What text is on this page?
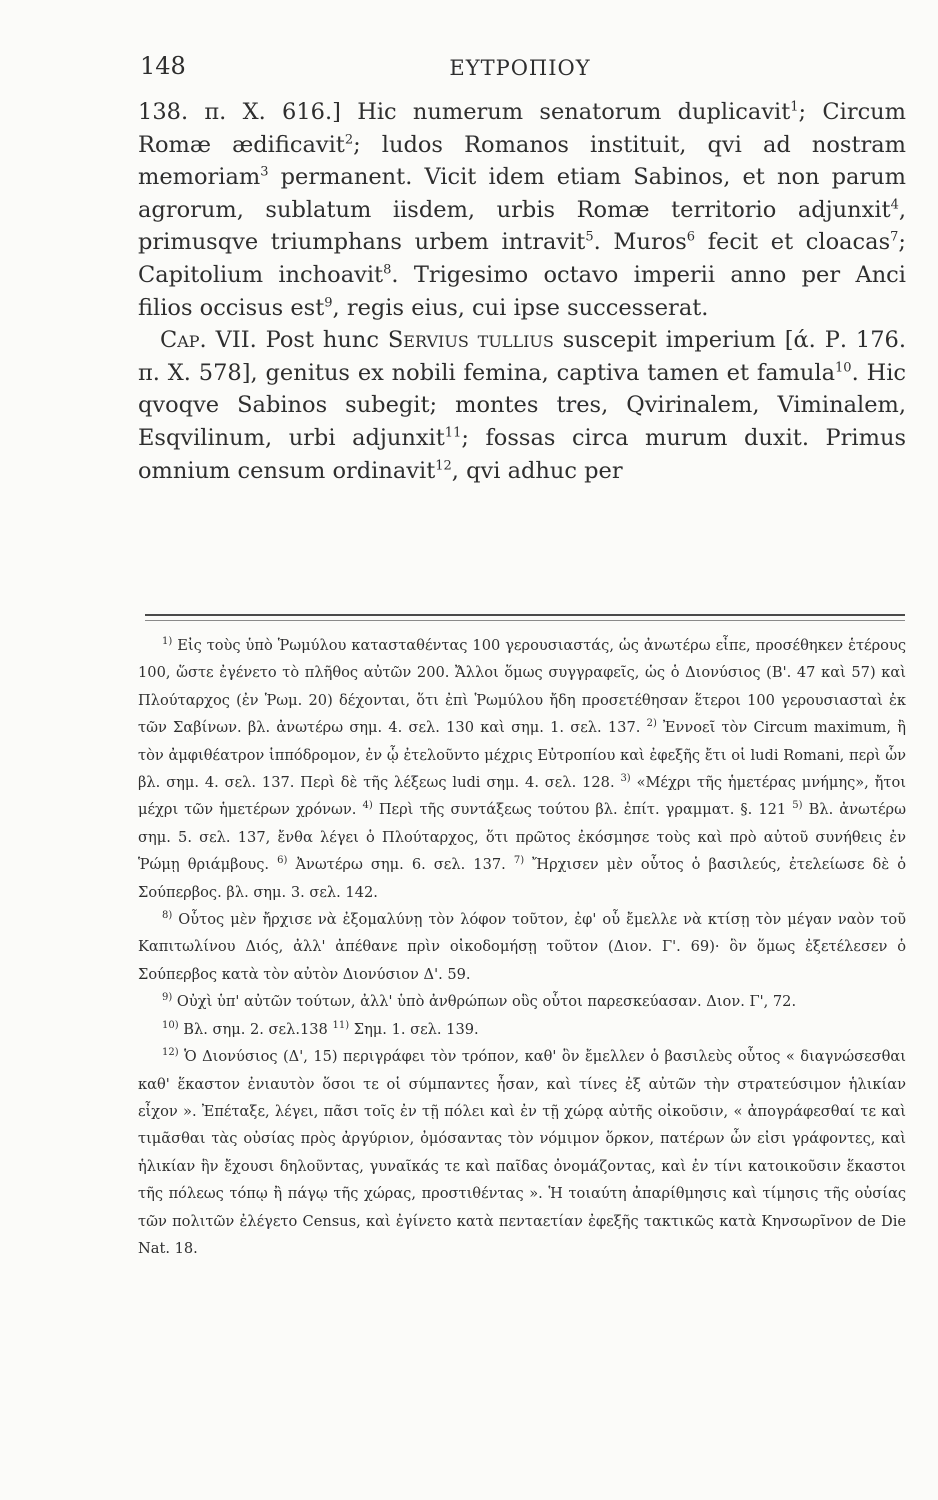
148	ΕΥΤΡΟΠΙΟΥ

138. π. X. 616.] Hic numerum senatorum duplicavit$^1$; Circum Romæ ædificavit$^2$; ludos Romanos instituit, qvi ad nostram memoriam$^3$ permanent. Vicit idem etiam Sabinos, et non parum agrorum, sublatum iisdem, urbis Romæ territorio adjunxit$^4$, primusqve triumphans urbem intravit$^5$. Muros$^6$ fecit et cloacas$^7$; Capitolium inchoavit$^8$. Trigesimo octavo imperii anno per Anci filios occisus est$^9$, regis eius, cui ipse successerat.

Cap. VII. Post hunc Servius tullius suscepit imperium [ά. Ρ. 176. π. X. 578], genitus ex nobili femina, captiva tamen et famula$^{10}$. Hic qvoqve Sabinos subegit; montes tres, Qvirinalem, Viminalem, Esqvilinum, urbi adjunxit$^{11}$; fossas circa murum duxit. Primus omnium censum ordinavit$^{12}$, qvi adhuc per

$^{1)}$ Εἰς τοὺς ὑπὸ Ῥωμύλου κατασταθέντας 100 γερουσιαστάς, ὡς ἀνωτέρω εἶπε, προσέθηκεν ἑτέρους 100, ὥστε ἐγένετο τὸ πλῆθος αὐτῶν 200. Ἄλλοι ὅμως συγγραφεῖς, ὡς ὁ Διονύσιος (Β'. 47 καὶ 57) καὶ Πλούταρχος (ἐν Ῥωμ. 20) δέχονται, ὅτι ἐπὶ Ῥωμύλου ἤδη προσετέθησαν ἕτεροι 100 γερουσιασταὶ ἐκ τῶν Σαβίνων. βλ. ἀνωτέρω σημ. 4. σελ. 130 καὶ σημ. 1. σελ. 137. $^{2)}$ Ἐννοεῖ τὸν Circum maximum, ἢ τὸν ἀμφιθέατρον ἱππόδρομον, ἐν ᾧ ἐτελοῦντο μέχρις Εὐτροπίου καὶ ἐφεξῆς ἔτι οἱ ludi Romani, περὶ ὧν βλ. σημ. 4. σελ. 137. Περὶ δὲ τῆς λέξεως ludi σημ. 4. σελ. 128. $^{3)}$ «Μέχρι τῆς ἡμετέρας μνήμης», ἤτοι μέχρι τῶν ἡμετέρων χρόνων. $^{4)}$ Περὶ τῆς συντάξεως τούτου βλ. ἐπίτ. γραμματ. §. 121 $^{5)}$ Βλ. ἀνωτέρω σημ. 5. σελ. 137, ἔνθα λέγει ὁ Πλούταρχος, ὅτι πρῶτος ἐκόσμησε τοὺς καὶ πρὸ αὐτοῦ συνήθεις ἐν Ῥώμῃ θριάμβους. $^{6)}$ Ἀνωτέρω σημ. 6. σελ. 137. $^{7)}$ Ἤρχισεν μὲν οὗτος ὁ βασιλεύς, ἐτελείωσε δὲ ὁ Σούπερβος. βλ. σημ. 3. σελ. 142.

$^{8)}$ Οὗτος μὲν ἤρχισε νὰ ἐξομαλύνῃ τὸν λόφον τοῦτον, ἐφ' οὗ ἔμελλε νὰ κτίσῃ τὸν μέγαν ναὸν τοῦ Καπιτωλίνου Διός, ἀλλ' ἀπέθανε πρὶν οἰκοδομήσῃ τοῦτον (Διον. Γ'. 69)· ὃν ὅμως ἐξετέλεσεν ὁ Σούπερβος κατὰ τὸν αὐτὸν Διονύσιον Δ'. 59.

$^{9)}$ Οὐχὶ ὑπ' αὐτῶν τούτων, ἀλλ' ὑπὸ ἀνθρώπων οὓς οὗτοι παρεσκεύασαν. Διον. Γ', 72.

$^{10)}$ Βλ. σημ. 2. σελ.138 $^{11)}$ Σημ. 1. σελ. 139.

$^{12)}$ Ὁ Διονύσιος (Δ', 15) περιγράφει τὸν τρόπον, καθ' ὃν ἔμελλεν ὁ βασιλεὺς οὗτος « διαγνώσεσθαι καθ' ἕκαστον ἐνιαυτὸν ὅσοι τε οἱ σύμπαντες ἦσαν, καὶ τίνες ἐξ αὐτῶν τὴν στρατεύσιμον ἡλικίαν εἶχον ». Ἐπέταξε, λέγει, πᾶσι τοῖς ἐν τῇ πόλει καὶ ἐν τῇ χώρᾳ αὐτῆς οἰκοῦσιν, « ἀπογράφεσθαί τε καὶ τιμᾶσθαι τὰς οὐσίας πρὸς ἀργύριον, ὀμόσαντας τὸν νόμιμον ὅρκον, πατέρων ὧν εἰσι γράφοντες, καὶ ἡλικίαν ἣν ἔχουσι δηλοῦντας, γυναῖκάς τε καὶ παῖδας ὀνομάζοντας, καὶ ἐν τίνι κατοικοῦσιν ἕκαστοι τῆς πόλεως τόπῳ ἢ πάγῳ τῆς χώρας, προστιθέντας ». Ἡ τοιαύτη ἀπαρίθμησις καὶ τίμησις τῆς οὐσίας τῶν πολιτῶν ἐλέγετο Census, καὶ ἐγίνετο κατὰ πενταετίαν ἐφεξῆς τακτικῶς κατὰ Κηνσωρῖνον de Die Nat. 18.
